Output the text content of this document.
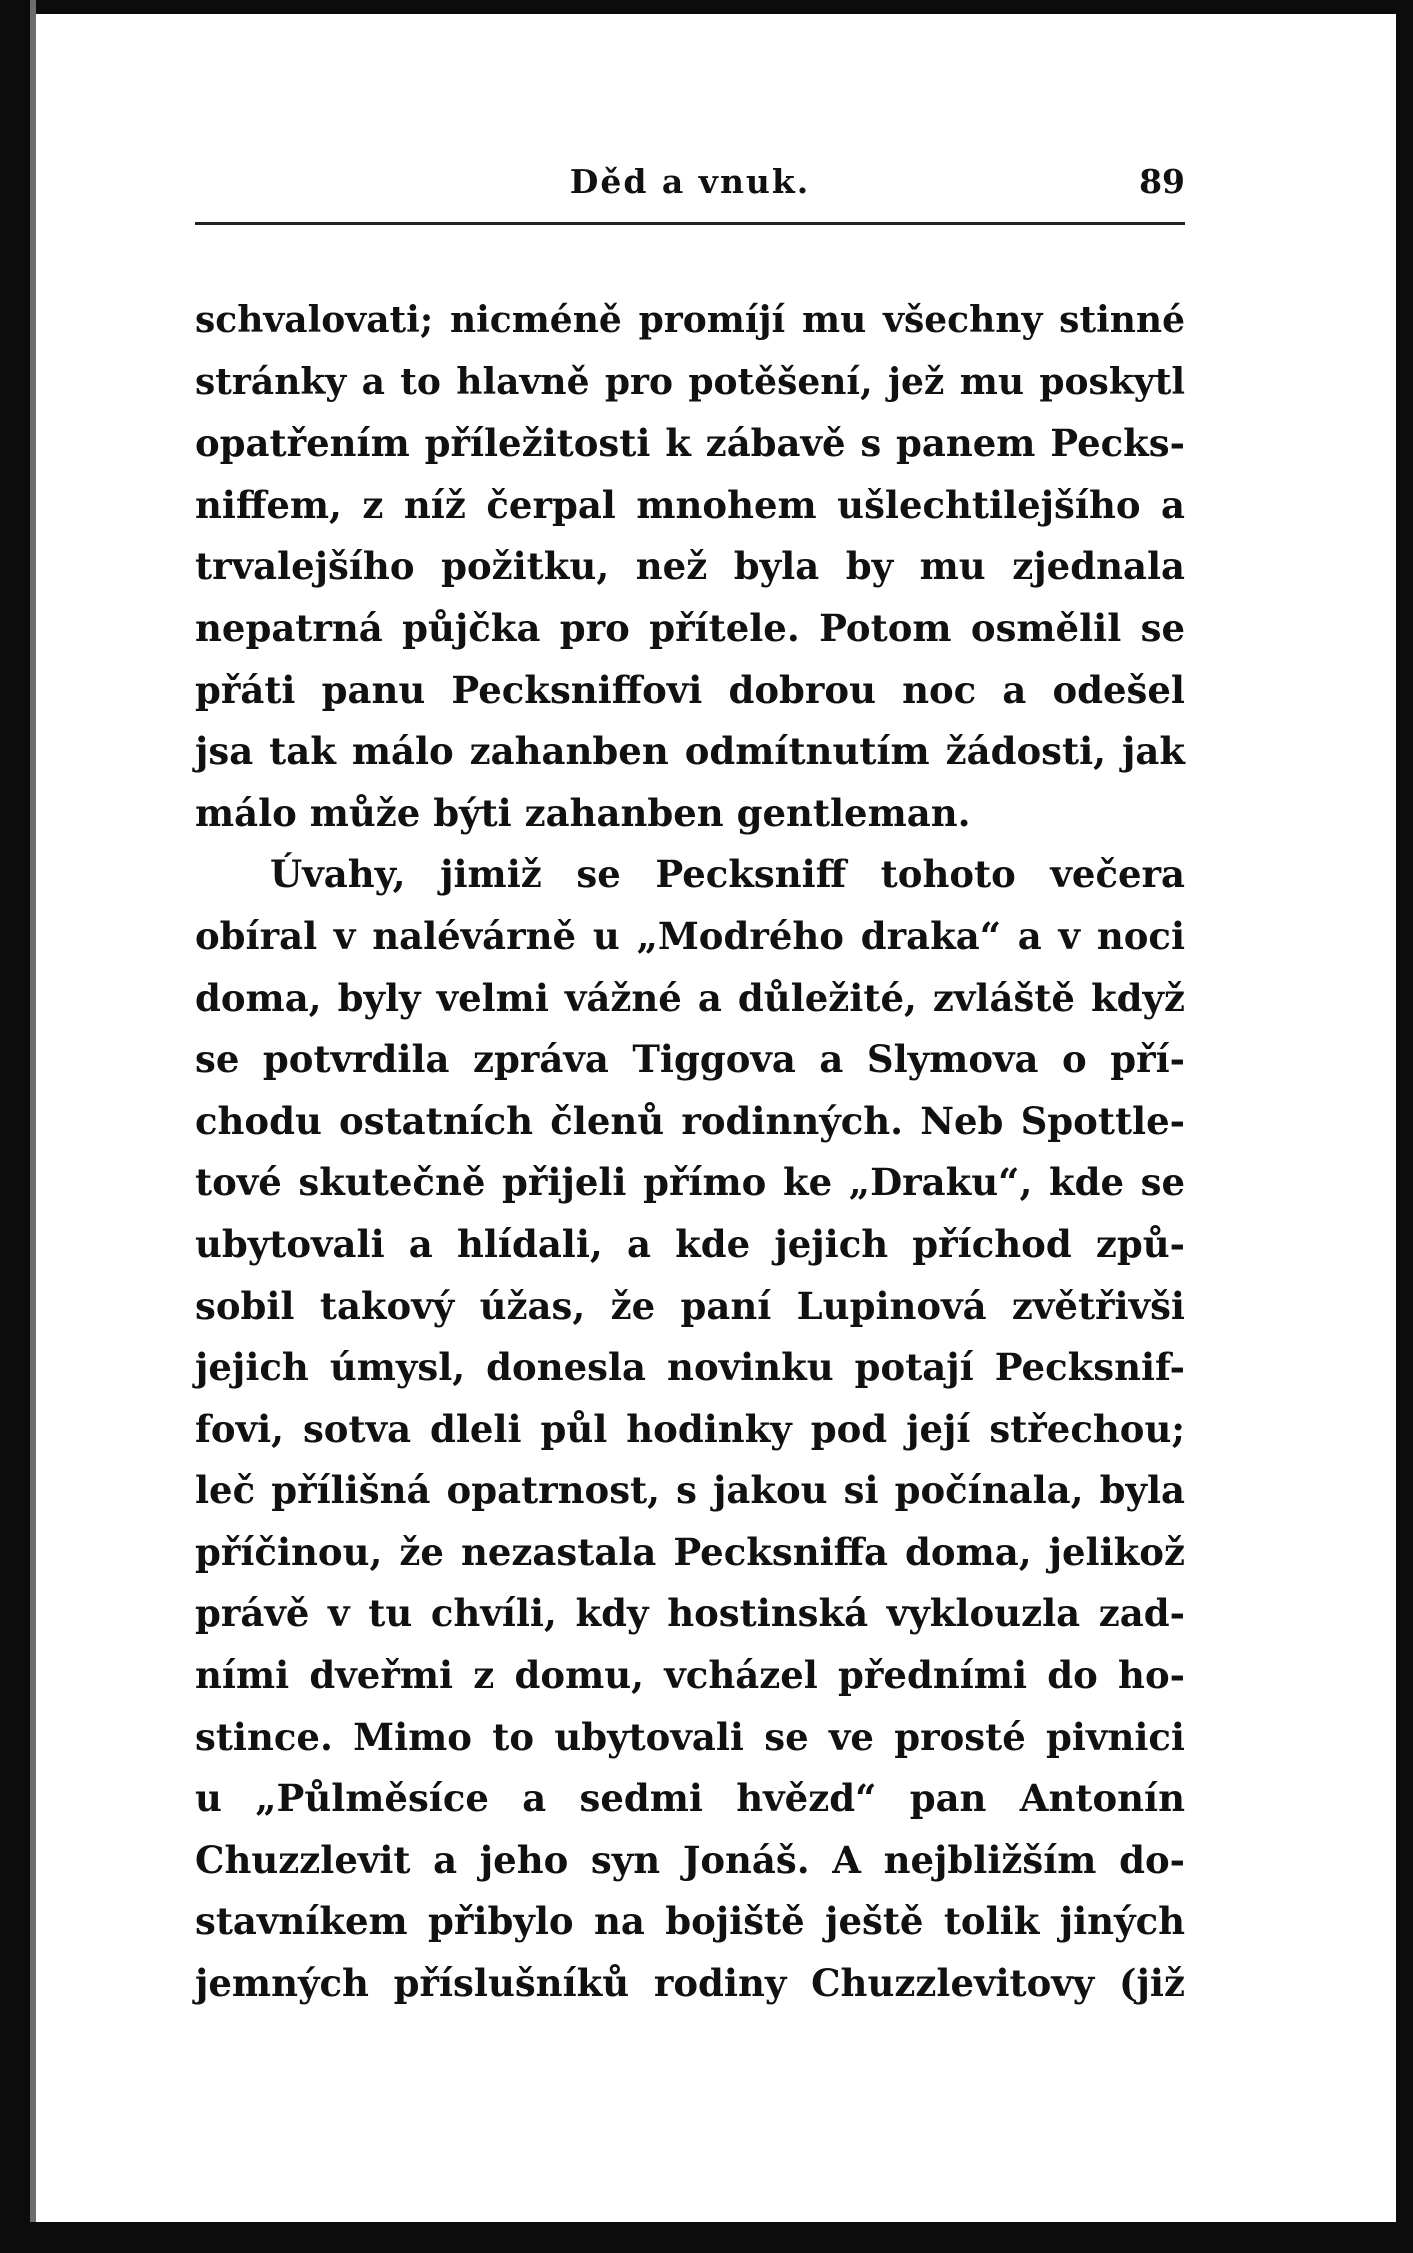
Děd a vnuk.	89
schvalovati; nicméně promíjí mu všechny stinné
stránky a to hlavně pro potěšení, jež mu poskytl
opatřením příležitosti k zábavě s panem Pecks-
niffem, z níž čerpal mnohem ušlechtilejšího a
trvalejšího požitku, než byla by mu zjednala
nepatrná půjčka pro přítele. Potom osmělil se
přáti panu Pecksniffovi dobrou noc a odešel
jsa tak málo zahanben odmítnutím žádosti, jak
málo může býti zahanben gentleman.
Úvahy, jimiž se Pecksniff tohoto večera
obíral v nalévárně u „Modrého draka“ a v noci
doma, byly velmi vážné a důležité, zvláště když
se potvrdila zpráva Tiggova a Slymova o pří-
chodu ostatních členů rodinných. Neb Spottle-
tové skutečně přijeli přímo ke „Draku“, kde se
ubytovali a hlídali, a kde jejich příchod způ-
sobil takový úžas, že paní Lupinová zvětřivši
jejich úmysl, donesla novinku potají Pecksnif-
fovi, sotva dleli půl hodinky pod její střechou;
leč přílišná opatrnost, s jakou si počínala, byla
příčinou, že nezastala Pecksniffa doma, jelikož
právě v tu chvíli, kdy hostinská vyklouzla zad-
ními dveřmi z domu, vcházel předními do ho-
stince. Mimo to ubytovali se ve prosté pivnici
u „Půlměsíce a sedmi hvězd“ pan Antonín
Chuzzlevit a jeho syn Jonáš. A nejbližším do-
stavníkem přibylo na bojiště ještě tolik jiných
jemných příslušníků rodiny Chuzzlevitovy (již
